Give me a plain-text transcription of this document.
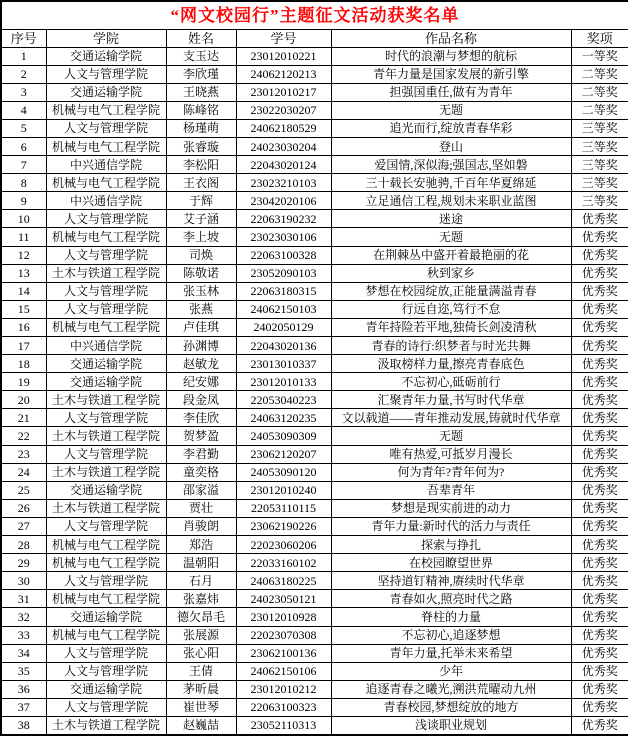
“网文校园行”主题征文活动获奖名单					
序号	学院	姓名	学号	作品名称	奖项
1	交通运输学院	支玉达	23012010221	时代的浪潮与梦想的航标	一等奖
2	人文与管理学院	李欣瑾	24062120213	青年力量是国家发展的新引擎	二等奖
3	交通运输学院	王晓燕	23012010217	担强国重任,做有为青年	二等奖
4	机械与电气工程学院	陈峰铭	23022030207	无题	二等奖
5	人文与管理学院	杨瑾萌	24062180529	追光而行,绽放青春华彩	三等奖
6	机械与电气工程学院	张睿璇	24023030204	登山	三等奖
7	中兴通信学院	李松阳	22043020124	爱国情,深似海;强国志,坚如磐	三等奖
8	机械与电气工程学院	王衣阁	23023210103	三十载长安驰骋,千百年华夏绵延	三等奖
9	中兴通信学院	于辉	23042020106	立足通信工程,规划未来职业蓝图	三等奖
10	人文与管理学院	艾子涵	22063190232	迷途	优秀奖
11	机械与电气工程学院	李上坡	23023030106	无题	优秀奖
12	人文与管理学院	司焕	22063100328	在荆棘丛中盛开着最艳丽的花	优秀奖
13	土木与铁道工程学院	陈敬诺	23052090103	秋到家乡	优秀奖
14	人文与管理学院	张玉林	22063180315	梦想在校园绽放,正能量满溢青春	优秀奖
15	人文与管理学院	张燕	24062150103	行远自迩,笃行不怠	优秀奖
16	机械与电气工程学院	卢佳琪	2402050129	青年持险若平地,独倚长剑凌清秋	优秀奖
17	中兴通信学院	孙渊博	22043020136	青春的诗行:织梦者与时光共舞	优秀奖
18	交通运输学院	赵敏龙	23013010337	汲取榜样力量,擦亮青春底色	优秀奖
19	交通运输学院	纪安娜	23012010133	不忘初心,砥砺前行	优秀奖
20	土木与铁道工程学院	段金凤	22053040223	汇聚青年力量,书写时代华章	优秀奖
21	人文与管理学院	李佳欣	24063120235	文以载道——青年推动发展,铸就时代华章	优秀奖
22	土木与铁道工程学院	贺梦盈	24053090309	无题	优秀奖
23	人文与管理学院	李君勤	23062120207	唯有热爱,可抵岁月漫长	优秀奖
24	土木与铁道工程学院	童奕格	24053090120	何为青年?青年何为?	优秀奖
25	交通运输学院	邵家溢	23012010240	吾辈青年	优秀奖
26	土木与铁道工程学院	贾壮	22053110115	梦想是现实前进的动力	优秀奖
27	人文与管理学院	肖骏朗	23062190226	青年力量:新时代的活力与责任	优秀奖
28	机械与电气工程学院	郑浩	22023060206	探索与挣扎	优秀奖
29	机械与电气工程学院	温朝阳	22033160102	在校园瞭望世界	优秀奖
30	人文与管理学院	石月	24063180225	坚持道钉精神,赓续时代华章	优秀奖
31	机械与电气工程学院	张嘉炜	24023050121	青春如火,照亮时代之路	优秀奖
32	交通运输学院	德欠昂毛	23012010928	脊柱的力量	优秀奖
33	机械与电气工程学院	张展源	22023070308	不忘初心,追逐梦想	优秀奖
34	人文与管理学院	张心阳	23062100136	青年力量,托举未来希望	优秀奖
35	人文与管理学院	王倩	24062150106	少年	优秀奖
36	交通运输学院	茅昕晨	23012010212	追逐青春之曦光,溯洪荒曜动九州	优秀奖
37	人文与管理学院	崔世琴	22063100323	青春校园,梦想绽放的地方	优秀奖
38	土木与铁道工程学院	赵巍喆	23052110313	浅谈职业规划	优秀奖
